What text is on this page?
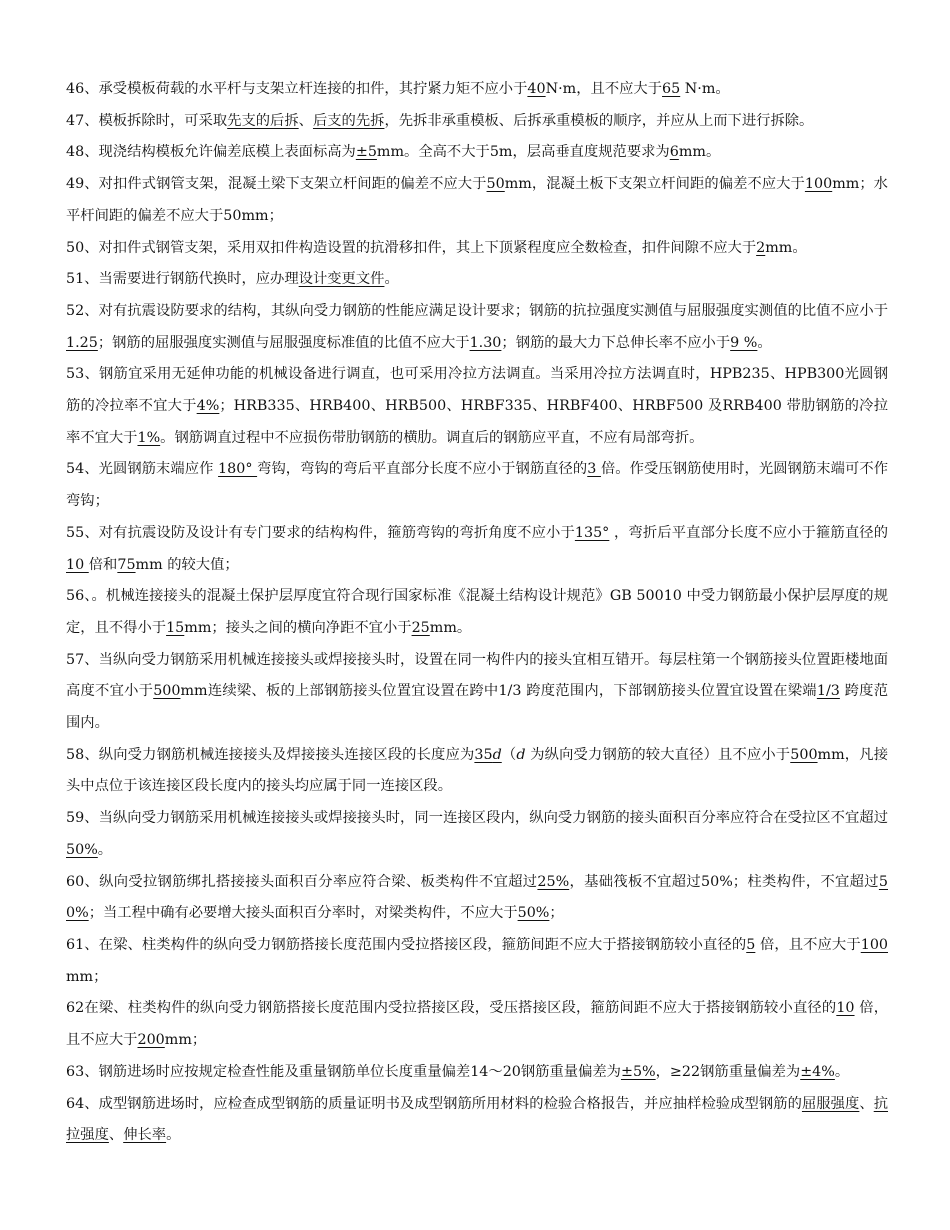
46、承受模板荷载的水平杆与支架立杆连接的扣件，其拧紧力矩不应小于40N·m，且不应大于65 N·m。

47、模板拆除时，可采取先支的后拆、后支的先拆，先拆非承重模板、后拆承重模板的顺序，并应从上而下进行拆除。

48、现浇结构模板允许偏差底模上表面标高为±5mm。全高不大于5m，层高垂直度规范要求为6mm。

49、对扣件式钢管支架，混凝土梁下支架立杆间距的偏差不应大于50mm，混凝土板下支架立杆间距的偏差不应大于100mm；水平杆间距的偏差不应大于50mm；

50、对扣件式钢管支架，采用双扣件构造设置的抗滑移扣件，其上下顶紧程度应全数检查，扣件间隙不应大于2mm。

51、当需要进行钢筋代换时，应办理设计变更文件。

52、对有抗震设防要求的结构，其纵向受力钢筋的性能应满足设计要求；钢筋的抗拉强度实测值与屈服强度实测值的比值不应小于1.25；钢筋的屈服强度实测值与屈服强度标准值的比值不应大于1.30；钢筋的最大力下总伸长率不应小于9 %。

53、钢筋宜采用无延伸功能的机械设备进行调直，也可采用冷拉方法调直。当采用冷拉方法调直时，HPB235、HPB300光圆钢筋的冷拉率不宜大于4%；HRB335、HRB400、HRB500、HRBF335、HRBF400、HRBF500 及RRB400 带肋钢筋的冷拉率不宜大于1%。钢筋调直过程中不应损伤带肋钢筋的横肋。调直后的钢筋应平直，不应有局部弯折。

54、光圆钢筋末端应作 180° 弯钩，弯钩的弯后平直部分长度不应小于钢筋直径的3 倍。作受压钢筋使用时，光圆钢筋末端可不作弯钩；

55、对有抗震设防及设计有专门要求的结构构件，箍筋弯钩的弯折角度不应小于135° ，弯折后平直部分长度不应小于箍筋直径的10 倍和75mm 的较大值；

56、。机械连接接头的混凝土保护层厚度宜符合现行国家标准《混凝土结构设计规范》GB 50010 中受力钢筋最小保护层厚度的规定，且不得小于15mm；接头之间的横向净距不宜小于25mm。

57、当纵向受力钢筋采用机械连接接头或焊接接头时，设置在同一构件内的接头宜相互错开。每层柱第一个钢筋接头位置距楼地面高度不宜小于500mm连续梁、板的上部钢筋接头位置宜设置在跨中1/3 跨度范围内，下部钢筋接头位置宜设置在梁端1/3 跨度范围内。

58、纵向受力钢筋机械连接接头及焊接接头连接区段的长度应为35d（d 为纵向受力钢筋的较大直径）且不应小于500mm，凡接头中点位于该连接区段长度内的接头均应属于同一连接区段。

59、当纵向受力钢筋采用机械连接接头或焊接接头时，同一连接区段内，纵向受力钢筋的接头面积百分率应符合在受拉区不宜超过50%。

60、纵向受拉钢筋绑扎搭接接头面积百分率应符合梁、板类构件不宜超过25%，基础筏板不宜超过50%；柱类构件，不宜超过50%；当工程中确有必要增大接头面积百分率时，对梁类构件，不应大于50%；

61、在梁、柱类构件的纵向受力钢筋搭接长度范围内受拉搭接区段，箍筋间距不应大于搭接钢筋较小直径的5 倍，且不应大于100mm；

62在梁、柱类构件的纵向受力钢筋搭接长度范围内受拉搭接区段，受压搭接区段，箍筋间距不应大于搭接钢筋较小直径的10 倍，且不应大于200mm；

63、钢筋进场时应按规定检查性能及重量钢筋单位长度重量偏差14～20钢筋重量偏差为±5%，≥22钢筋重量偏差为±4%。

64、成型钢筋进场时，应检查成型钢筋的质量证明书及成型钢筋所用材料的检验合格报告，并应抽样检验成型钢筋的屈服强度、抗拉强度、伸长率。
